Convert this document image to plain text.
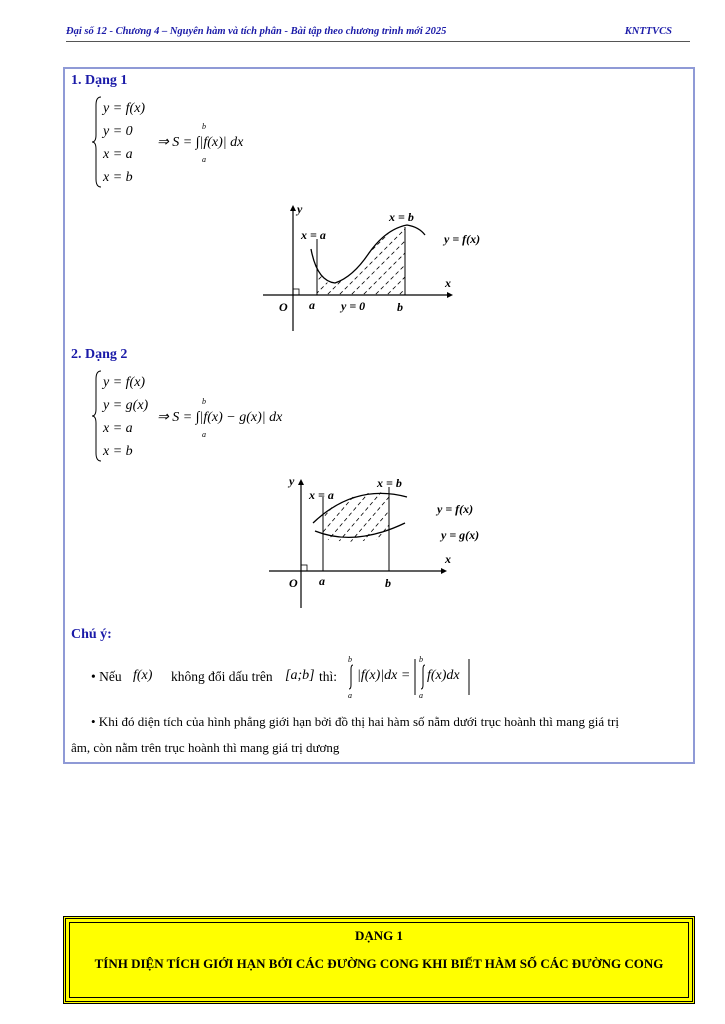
Đại số 12 - Chương 4 – Nguyên hàm và tích phân - Bài tập theo chương trình mới 2025	KNTTVCS
1. Dạng 1
y = f(x)
y = 0
x = a
x = b
⇒ S = ∫|f(x)| dx
b
a
y
x
O
x = a
x = b
y = f(x)
y = 0
a	b
2. Dạng 2
y = f(x)
y = g(x)
x = a
x = b
⇒ S = ∫|f(x) − g(x)| dx
b
a
y
x
O
x = a
x = b
y = f(x)
y = g(x)
a	b
Chú ý:
• Nếu f(x) không đổi dấu trên [a;b] thì:
b
a
|f(x)|dx =
b
a
f(x)dx
• Khi đó diện tích của hình phẳng giới hạn bởi đồ thị hai hàm số nằm dưới trục hoành thì mang giá trị
âm, còn nằm trên trục hoành thì mang giá trị dương
DẠNG 1
TÍNH DIỆN TÍCH GIỚI HẠN BỞI CÁC ĐƯỜNG CONG KHI BIẾT HÀM SỐ CÁC ĐƯỜNG CONG
